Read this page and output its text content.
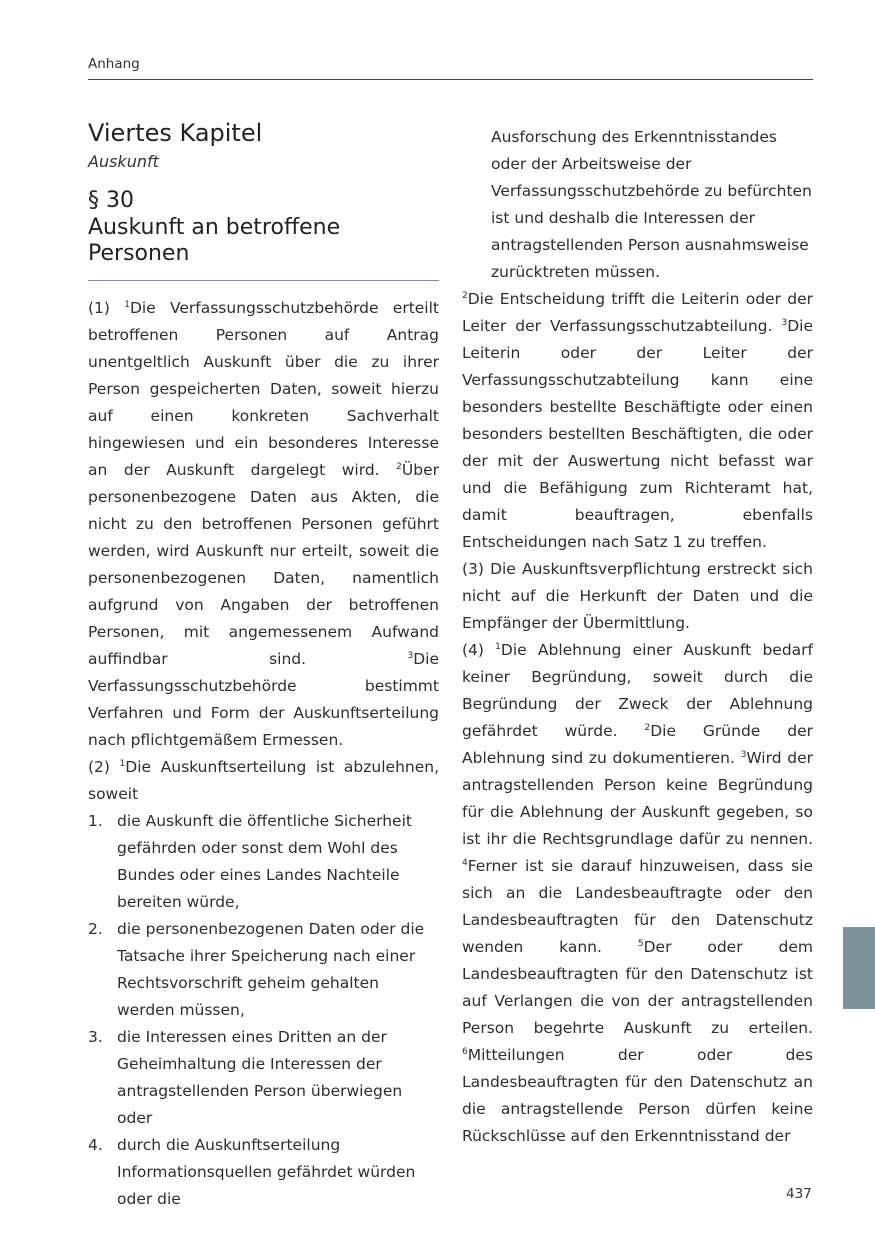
Anhang
Viertes Kapitel

Auskunft

§ 30

Auskunft an betroffene Personen

(1) $^1$Die Verfassungsschutzbehörde erteilt betroffenen Personen auf Antrag unentgeltlich Auskunft über die zu ihrer Person gespeicherten Daten, soweit hierzu auf einen konkreten Sachverhalt hingewiesen und ein besonderes Interesse an der Auskunft dargelegt wird. $^2$Über personenbezogene Daten aus Akten, die nicht zu den betroffenen Personen geführt werden, wird Auskunft nur erteilt, soweit die personenbezogenen Daten, namentlich aufgrund von Angaben der betroffenen Personen, mit angemessenem Aufwand auffindbar sind. $^3$Die Verfassungsschutzbehörde bestimmt Verfahren und Form der Auskunftserteilung nach pflichtgemäßem Ermessen.

(2) $^1$Die Auskunftserteilung ist abzulehnen, soweit

1. die Auskunft die öffentliche Sicherheit gefährden oder sonst dem Wohl des Bundes oder eines Landes Nachteile bereiten würde,
2. die personenbezogenen Daten oder die Tatsache ihrer Speicherung nach einer Rechtsvorschrift geheim gehalten werden müssen,
3. die Interessen eines Dritten an der Geheimhaltung die Interessen der antragstellenden Person überwiegen oder
4. durch die Auskunftserteilung Informationsquellen gefährdet würden oder die

Ausforschung des Erkenntnisstandes oder der Arbeitsweise der Verfassungsschutzbehörde zu befürchten ist und deshalb die Interessen der antragstellenden Person ausnahmsweise zurücktreten müssen.

$^2$Die Entscheidung trifft die Leiterin oder der Leiter der Verfassungsschutzabteilung. $^3$Die Leiterin oder der Leiter der Verfassungsschutzabteilung kann eine besonders bestellte Beschäftigte oder einen besonders bestellten Beschäftigten, die oder der mit der Auswertung nicht befasst war und die Befähigung zum Richteramt hat, damit beauftragen, ebenfalls Entscheidungen nach Satz 1 zu treffen.

(3) Die Auskunftsverpflichtung erstreckt sich nicht auf die Herkunft der Daten und die Empfänger der Übermittlung.

(4) $^1$Die Ablehnung einer Auskunft bedarf keiner Begründung, soweit durch die Begründung der Zweck der Ablehnung gefährdet würde. $^2$Die Gründe der Ablehnung sind zu dokumentieren. $^3$Wird der antragstellenden Person keine Begründung für die Ablehnung der Auskunft gegeben, so ist ihr die Rechtsgrundlage dafür zu nennen. $^4$Ferner ist sie darauf hinzuweisen, dass sie sich an die Landesbeauftragte oder den Landesbeauftragten für den Datenschutz wenden kann. $^5$Der oder dem Landesbeauftragten für den Datenschutz ist auf Verlangen die von der antragstellenden Person begehrte Auskunft zu erteilen. $^6$Mitteilungen der oder des Landesbeauftragten für den Datenschutz an die antragstellende Person dürfen keine Rückschlüsse auf den Erkenntnisstand der

437
